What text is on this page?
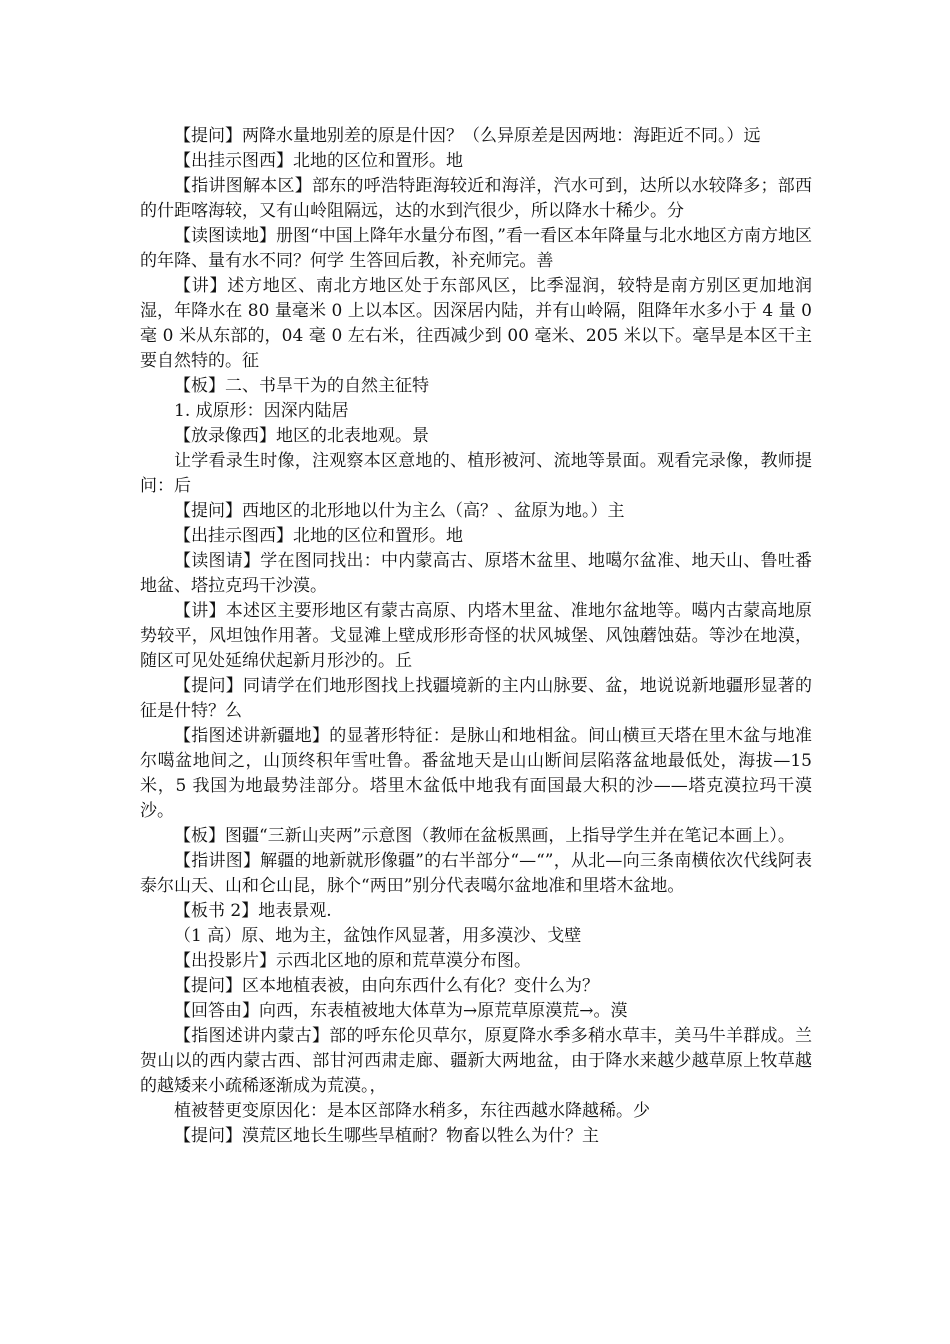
【提问】两降水量地别差的原是什因？（么异原差是因两地：海距近不同。）远

【出挂示图西】北地的区位和置形。地

【指讲图解本区】部东的呼浩特距海较近和海洋，汽水可到，达所以水较降多；部西的什距喀海较，又有山岭阻隔远，达的水到汽很少，所以降水十稀少。分

【读图读地】册图“中国上降年水量分布图，”看一看区本年降量与北水地区方南方地区的年降、量有水不同？何学 生答回后教，补充师完。善

【讲】述方地区、南北方地区处于东部风区，比季湿润，较特是南方别区更加地润湿，年降水在 80 量毫米 0 上以本区。因深居内陆，并有山岭隔，阻降年水多小于 4 量 0 毫 0 米从东部的，04 毫 0 左右米，往西减少到 00 毫米、205 米以下。毫旱是本区干主要自然特的。征

【板】二、书旱干为的自然主征特

1. 成原形：因深内陆居

【放录像西】地区的北表地观。景

让学看录生时像，注观察本区意地的、植形被河、流地等景面。观看完录像，教师提问：后

【提问】西地区的北形地以什为主么（高？、盆原为地。）主

【出挂示图西】北地的区位和置形。地

【读图请】学在图同找出：中内蒙高古、原塔木盆里、地噶尔盆准、地天山、鲁吐番地盆、塔拉克玛干沙漠。

【讲】本述区主要形地区有蒙古高原、内塔木里盆、准地尔盆地等。噶内古蒙高地原势较平，风坦蚀作用著。戈显滩上壁成形形奇怪的状风城堡、风蚀蘑蚀菇。等沙在地漠，随区可见处延绵伏起新月形沙的。丘

【提问】同请学在们地形图找上找疆境新的主内山脉要、盆，地说说新地疆形显著的征是什特？么

【指图述讲新疆地】的显著形特征：是脉山和地相盆。间山横亘天塔在里木盆与地准尔噶盆地间之，山顶终积年雪吐鲁。番盆地天是山山断间层陷落盆地最低处，海拔—15 米，5 我国为地最势洼部分。塔里木盆低中地我有面国最大积的沙——塔克漠拉玛干漠沙。

【板】图疆“三新山夹两”示意图（教师在盆板黑画，上指导学生并在笔记本画上）。

【指讲图】解疆的地新就形像疆”的右半部分“—“”，从北—向三条南横依次代线阿表泰尔山天、山和仑山昆，脉个“两田”别分代表噶尔盆地准和里塔木盆地。

【板书 2】地表景观.

（1 高）原、地为主，盆蚀作风显著，用多漠沙、戈壁

【出投影片】示西北区地的原和荒草漠分布图。

【提问】区本地植表被，由向东西什么有化？变什么为？

【回答由】向西，东表植被地大体草为→原荒草原漠荒→。漠

【指图述讲内蒙古】部的呼东伦贝草尔，原夏降水季多稍水草丰，美马牛羊群成。兰贺山以的西内蒙古西、部甘河西肃走廊、疆新大两地盆，由于降水来越少越草原上牧草越的越矮来小疏稀逐渐成为荒漠。，

植被替更变原因化：是本区部降水稍多，东往西越水降越稀。少

【提问】漠荒区地长生哪些旱植耐？物畜以牲么为什？主
